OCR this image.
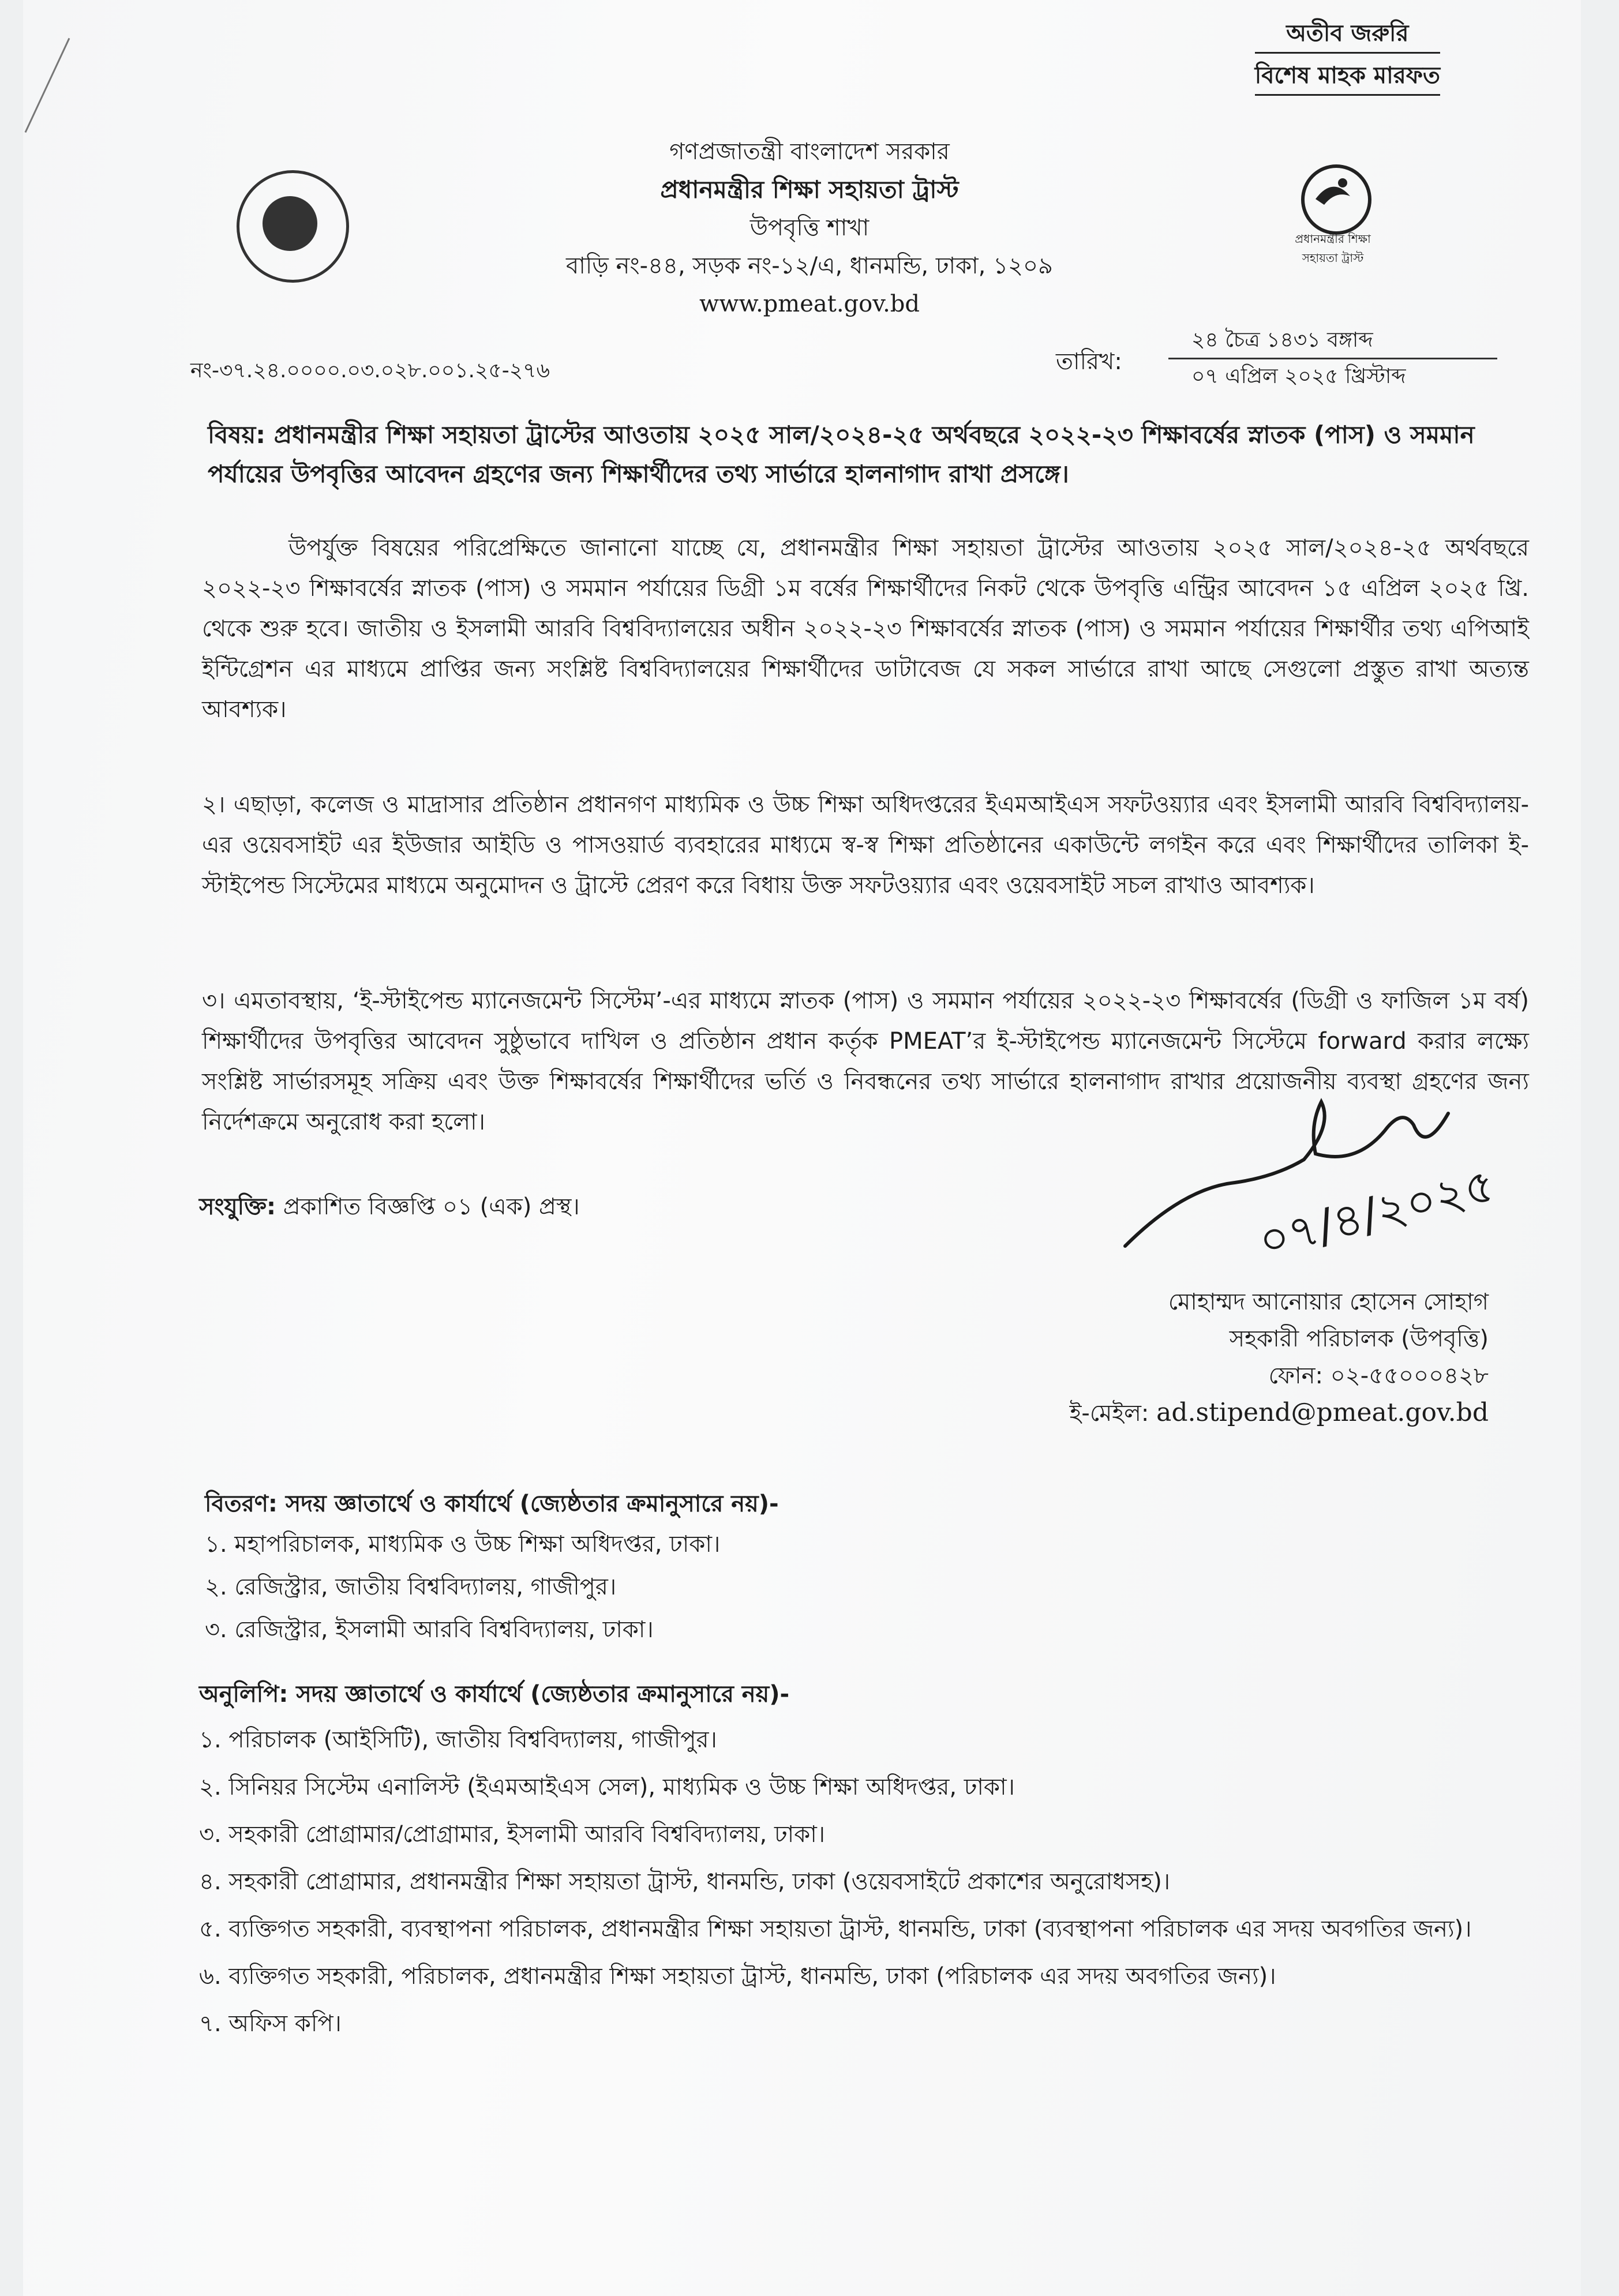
অতীব জরুরি
বিশেষ মাহক মারফত
প্রধানমন্ত্রীর শিক্ষা সহায়তা ট্রাস্ট
গণপ্রজাতন্ত্রী বাংলাদেশ সরকার
প্রধানমন্ত্রীর শিক্ষা সহায়তা ট্রাস্ট
উপবৃত্তি শাখা
বাড়ি নং-৪৪, সড়ক নং-১২/এ, ধানমন্ডি, ঢাকা, ১২০৯
www.pmeat.gov.bd
নং-৩৭.২৪.০০০০.০৩.০২৮.০০১.২৫-২৭৬	তারিখ:
২৪ চৈত্র ১৪৩১ বঙ্গাব্দ
০৭ এপ্রিল ২০২৫ খ্রিস্টাব্দ
বিষয়: প্রধানমন্ত্রীর শিক্ষা সহায়তা ট্রাস্টের আওতায় ২০২৫ সাল/২০২৪-২৫ অর্থবছরে ২০২২-২৩ শিক্ষাবর্ষের স্নাতক (পাস) ও সমমান পর্যায়ের উপবৃত্তির আবেদন গ্রহণের জন্য শিক্ষার্থীদের তথ্য সার্ভারে হালনাগাদ রাখা প্রসঙ্গে।
উপর্যুক্ত বিষয়ের পরিপ্রেক্ষিতে জানানো যাচ্ছে যে, প্রধানমন্ত্রীর শিক্ষা সহায়তা ট্রাস্টের আওতায় ২০২৫ সাল/২০২৪-২৫ অর্থবছরে ২০২২-২৩ শিক্ষাবর্ষের স্নাতক (পাস) ও সমমান পর্যায়ের ডিগ্রী ১ম বর্ষের শিক্ষার্থীদের নিকট থেকে উপবৃত্তি এন্ট্রির আবেদন ১৫ এপ্রিল ২০২৫ খ্রি. থেকে শুরু হবে। জাতীয় ও ইসলামী আরবি বিশ্ববিদ্যালয়ের অধীন ২০২২-২৩ শিক্ষাবর্ষের স্নাতক (পাস) ও সমমান পর্যায়ের শিক্ষার্থীর তথ্য এপিআই ইন্টিগ্রেশন এর মাধ্যমে প্রাপ্তির জন্য সংশ্লিষ্ট বিশ্ববিদ্যালয়ের শিক্ষার্থীদের ডাটাবেজ যে সকল সার্ভারে রাখা আছে সেগুলো প্রস্তুত রাখা অত্যন্ত আবশ্যক।
২। এছাড়া, কলেজ ও মাদ্রাসার প্রতিষ্ঠান প্রধানগণ মাধ্যমিক ও উচ্চ শিক্ষা অধিদপ্তরের ইএমআইএস সফটওয়্যার এবং ইসলামী আরবি বিশ্ববিদ্যালয়-এর ওয়েবসাইট এর ইউজার আইডি ও পাসওয়ার্ড ব্যবহারের মাধ্যমে স্ব-স্ব শিক্ষা প্রতিষ্ঠানের একাউন্টে লগইন করে এবং শিক্ষার্থীদের তালিকা ই-স্টাইপেন্ড সিস্টেমের মাধ্যমে অনুমোদন ও ট্রাস্টে প্রেরণ করে বিধায় উক্ত সফটওয়্যার এবং ওয়েবসাইট সচল রাখাও আবশ্যক।
৩। এমতাবস্থায়, ‘ই-স্টাইপেন্ড ম্যানেজমেন্ট সিস্টেম’-এর মাধ্যমে স্নাতক (পাস) ও সমমান পর্যায়ের ২০২২-২৩ শিক্ষাবর্ষের (ডিগ্রী ও ফাজিল ১ম বর্ষ) শিক্ষার্থীদের উপবৃত্তির আবেদন সুষ্ঠুভাবে দাখিল ও প্রতিষ্ঠান প্রধান কর্তৃক PMEAT’র ই-স্টাইপেন্ড ম্যানেজমেন্ট সিস্টেমে forward করার লক্ষ্যে সংশ্লিষ্ট সার্ভারসমূহ সক্রিয় এবং উক্ত শিক্ষাবর্ষের শিক্ষার্থীদের ভর্তি ও নিবন্ধনের তথ্য সার্ভারে হালনাগাদ রাখার প্রয়োজনীয় ব্যবস্থা গ্রহণের জন্য নির্দেশক্রমে অনুরোধ করা হলো।
সংযুক্তি: প্রকাশিত বিজ্ঞপ্তি ০১ (এক) প্রস্থ।	০৭/৪/২০২৫
মোহাম্মদ আনোয়ার হোসেন সোহাগ
সহকারী পরিচালক (উপবৃত্তি)
ফোন: ০২-৫৫০০০৪২৮
ই-মেইল: ad.stipend@pmeat.gov.bd
বিতরণ: সদয় জ্ঞাতার্থে ও কার্যার্থে (জ্যেষ্ঠতার ক্রমানুসারে নয়)-
১. মহাপরিচালক, মাধ্যমিক ও উচ্চ শিক্ষা অধিদপ্তর, ঢাকা।
২. রেজিস্ট্রার, জাতীয় বিশ্ববিদ্যালয়, গাজীপুর।
৩. রেজিস্ট্রার, ইসলামী আরবি বিশ্ববিদ্যালয়, ঢাকা।
অনুলিপি: সদয় জ্ঞাতার্থে ও কার্যার্থে (জ্যেষ্ঠতার ক্রমানুসারে নয়)-
১. পরিচালক (আইসিটি), জাতীয় বিশ্ববিদ্যালয়, গাজীপুর।
২. সিনিয়র সিস্টেম এনালিস্ট (ইএমআইএস সেল), মাধ্যমিক ও উচ্চ শিক্ষা অধিদপ্তর, ঢাকা।
৩. সহকারী প্রোগ্রামার/প্রোগ্রামার, ইসলামী আরবি বিশ্ববিদ্যালয়, ঢাকা।
৪. সহকারী প্রোগ্রামার, প্রধানমন্ত্রীর শিক্ষা সহায়তা ট্রাস্ট, ধানমন্ডি, ঢাকা (ওয়েবসাইটে প্রকাশের অনুরোধসহ)।
৫. ব্যক্তিগত সহকারী, ব্যবস্থাপনা পরিচালক, প্রধানমন্ত্রীর শিক্ষা সহায়তা ট্রাস্ট, ধানমন্ডি, ঢাকা (ব্যবস্থাপনা পরিচালক এর সদয় অবগতির জন্য)।
৬. ব্যক্তিগত সহকারী, পরিচালক, প্রধানমন্ত্রীর শিক্ষা সহায়তা ট্রাস্ট, ধানমন্ডি, ঢাকা (পরিচালক এর সদয় অবগতির জন্য)।
৭. অফিস কপি।
